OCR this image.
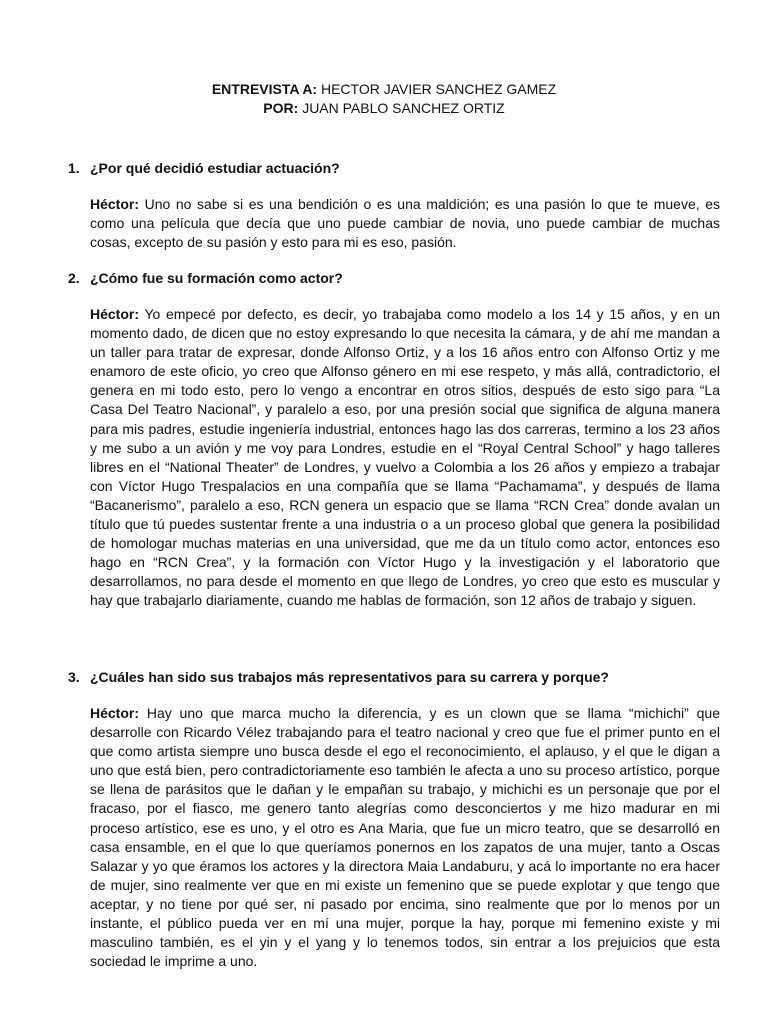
ENTREVISTA A: HECTOR JAVIER SANCHEZ GAMEZ
POR: JUAN PABLO SANCHEZ ORTIZ
1. ¿Por qué decidió estudiar actuación?
Héctor: Uno no sabe si es una bendición o es una maldición; es una pasión lo que te mueve, es como una película que decía que uno puede cambiar de novia, uno puede cambiar de muchas cosas, excepto de su pasión y esto para mi es eso, pasión.
2. ¿Cómo fue su formación como actor?
Héctor: Yo empecé por defecto, es decir, yo trabajaba como modelo a los 14 y 15 años, y en un momento dado, de dicen que no estoy expresando lo que necesita la cámara, y de ahí me mandan a un taller para tratar de expresar, donde Alfonso Ortiz, y a los 16 años entro con Alfonso Ortiz y me enamoro de este oficio, yo creo que Alfonso género en mi ese respeto, y más allá, contradictorio, el genera en mi todo esto, pero lo vengo a encontrar en otros sitios, después de esto sigo para “La Casa Del Teatro Nacional”, y paralelo a eso, por una presión social que significa de alguna manera para mis padres, estudie ingeniería industrial, entonces hago las dos carreras, termino a los 23 años y me subo a un avión y me voy para Londres, estudie en el “Royal Central School” y hago talleres libres en el “National Theater” de Londres, y vuelvo a Colombia a los 26 años y empiezo a trabajar con Víctor Hugo Trespalacios en una compañía que se llama “Pachamama”, y después de llama “Bacanerismo”, paralelo a eso, RCN genera un espacio que se llama “RCN Crea” donde avalan un título que tú puedes sustentar frente a una industria o a un proceso global que genera la posibilidad de homologar muchas materias en una universidad, que me da un título como actor, entonces eso hago en “RCN Crea”, y la formación con Víctor Hugo y la investigación y el laboratorio que desarrollamos, no para desde el momento en que llego de Londres, yo creo que esto es muscular y hay que trabajarlo diariamente, cuando me hablas de formación, son 12 años de trabajo y siguen.
3. ¿Cuáles han sido sus trabajos más representativos para su carrera y porque?
Héctor: Hay uno que marca mucho la diferencia, y es un clown que se llama “michichi” que desarrolle con Ricardo Vélez trabajando para el teatro nacional y creo que fue el primer punto en el que como artista siempre uno busca desde el ego el reconocimiento, el aplauso, y el que le digan a uno que está bien, pero contradictoriamente eso también le afecta a uno su proceso artístico, porque se llena de parásitos que le dañan y le empañan su trabajo, y michichi es un personaje que por el fracaso, por el fiasco, me genero tanto alegrías como desconciertos y me hizo madurar en mi proceso artístico, ese es uno, y el otro es Ana Maria, que fue un micro teatro, que se desarrolló en casa ensamble, en el que lo que queríamos ponernos en los zapatos de una mujer, tanto a Oscas Salazar y yo que éramos los actores y la directora Maia Landaburu, y acá lo importante no era hacer de mujer, sino realmente ver que en mi existe un femenino que se puede explotar y que tengo que aceptar, y no tiene por qué ser, ni pasado por encima, sino realmente que por lo menos por un instante, el público pueda ver en mí una mujer, porque la hay, porque mi femenino existe y mi masculino también, es el yin y el yang y lo tenemos todos, sin entrar a los prejuicios que esta sociedad le imprime a uno.
